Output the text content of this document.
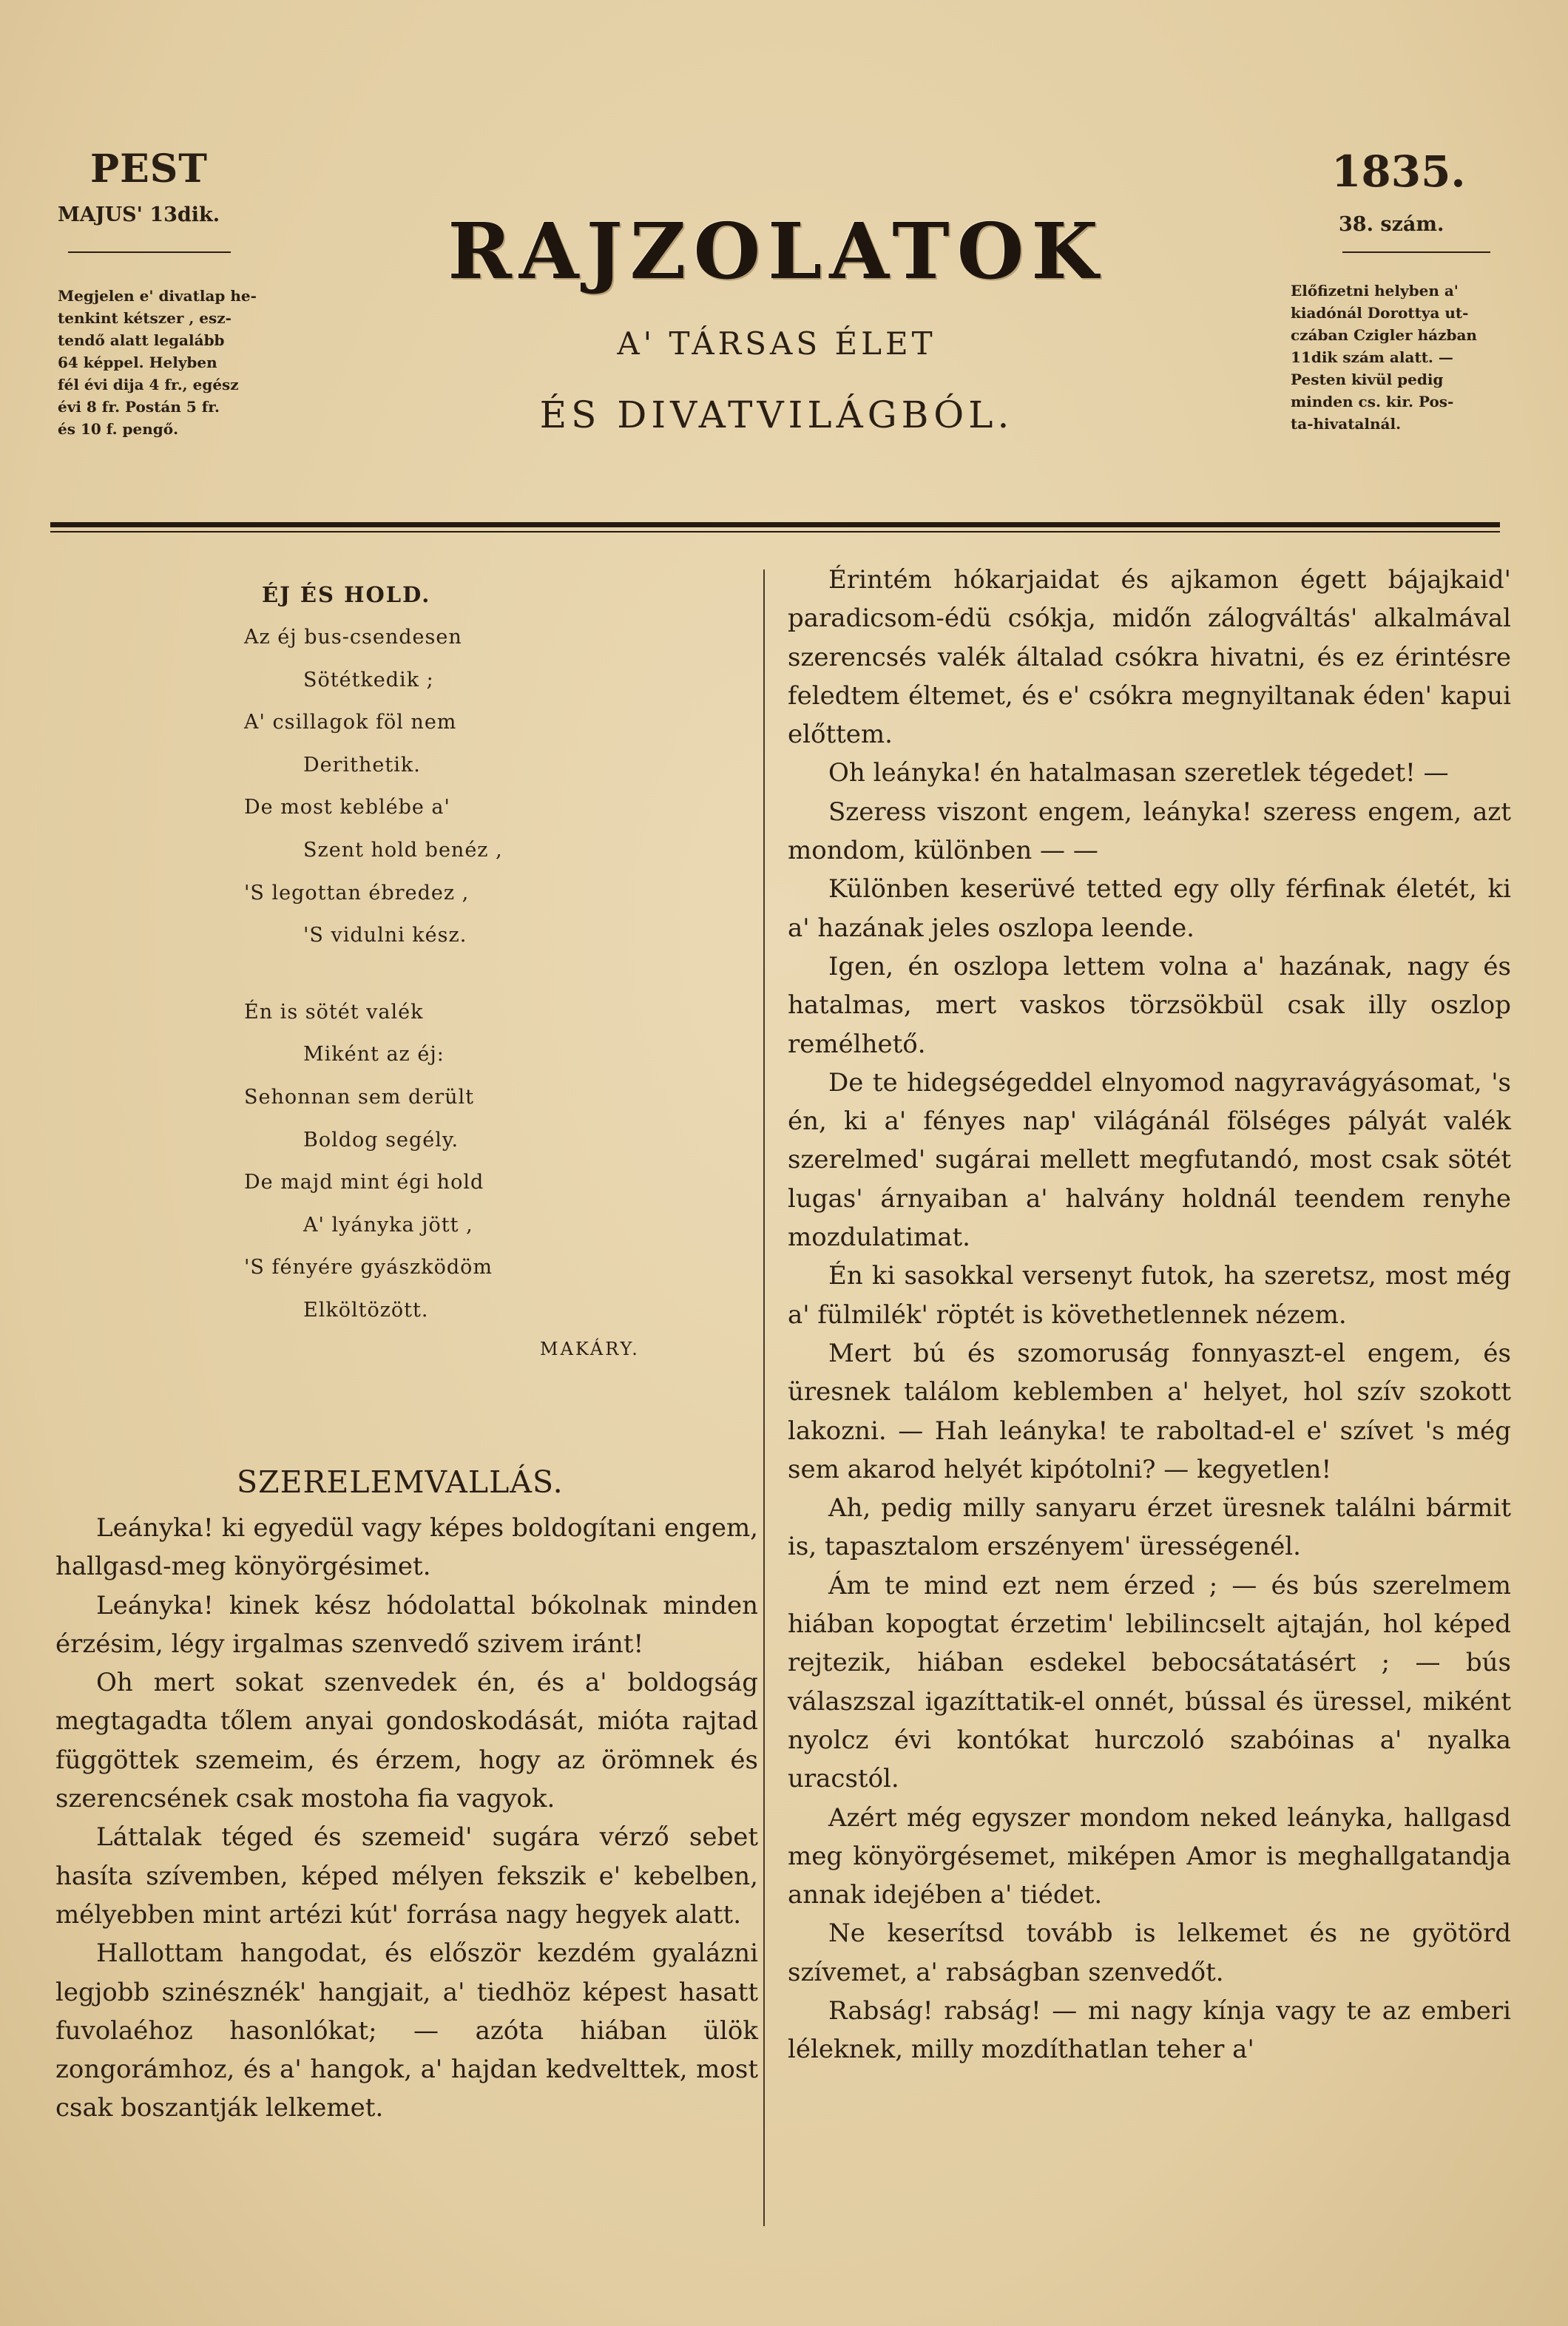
PEST
MAJUS' 13dik.
Megjelen e' divatlap he-
tenkint kétszer , esz-
tendő alatt legalább
64 képpel. Helyben
fél évi dija 4 fr., egész
évi 8 fr. Postán 5 fr.
és 10 f. pengő.
RAJZOLATOK
A' TÁRSAS ÉLET
ÉS DIVATVILÁGBÓL.
1835.
38. szám.
Előfizetni helyben a'
kiadónál Dorottya ut-
czában Czigler házban
11dik szám alatt. —
Pesten kivül pedig
minden cs. kir. Pos-
ta-hivatalnál.
ÉJ ÉS HOLD.
Az éj bus-csendesen
Sötétkedik ;
A' csillagok föl nem
Derithetik.
De most keblébe a'
Szent hold benéz ,
'S legottan ébredez ,
'S vidulni kész.
Én is sötét valék
Miként az éj:
Sehonnan sem derült
Boldog segély.
De majd mint égi hold
A' lyányka jött ,
'S fényére gyászködöm
Elköltözött.
MAKÁRY.
SZERELEMVALLÁS.

Leányka! ki egyedül vagy képes boldogítani engem, hallgasd-meg könyörgésimet.

Leányka! kinek kész hódolattal bókolnak minden érzésim, légy irgalmas szenvedő szivem iránt!

Oh mert sokat szenvedek én, és a' boldogság megtagadta tőlem anyai gondoskodását, mióta rajtad függöttek szemeim, és érzem, hogy az örömnek és szerencsének csak mostoha fia vagyok.

Láttalak téged és szemeid' sugára vérző sebet hasíta szívemben, képed mélyen fekszik e' kebelben, mélyebben mint artézi kút' forrása nagy hegyek alatt.

Hallottam hangodat, és először kezdém gyalázni legjobb szinésznék' hangjait, a' tiedhöz képest hasatt fuvolaéhoz hasonlókat; — azóta hiában ülök zongorámhoz, és a' hangok, a' hajdan kedvelttek, most csak boszantják lelkemet.

Érintém hókarjaidat és ajkamon égett bájajkaid' paradicsom-édü csókja, midőn zálogváltás' alkalmával szerencsés valék általad csókra hivatni, és ez érintésre feledtem éltemet, és e' csókra megnyiltanak éden' kapui előttem.

Oh leányka! én hatalmasan szeretlek tégedet! —

Szeress viszont engem, leányka! szeress engem, azt mondom, különben — —

Különben keserüvé tetted egy olly férfinak életét, ki a' hazának jeles oszlopa leende.

Igen, én oszlopa lettem volna a' hazának, nagy és hatalmas, mert vaskos törzsökbül csak illy oszlop remélhető.

De te hidegségeddel elnyomod nagyravágyásomat, 's én, ki a' fényes nap' világánál fölséges pályát valék szerelmed' sugárai mellett megfutandó, most csak sötét lugas' árnyaiban a' halvány holdnál teendem renyhe mozdulatimat.

Én ki sasokkal versenyt futok, ha szeretsz, most még a' fülmilék' röptét is követhetlennek nézem.

Mert bú és szomoruság fonnyaszt-el engem, és üresnek találom keblemben a' helyet, hol szív szokott lakozni. — Hah leányka! te raboltad-el e' szívet 's még sem akarod helyét kipótolni? — kegyetlen!

Ah, pedig milly sanyaru érzet üresnek találni bármit is, tapasztalom erszényem' ürességenél.

Ám te mind ezt nem érzed ; — és bús szerelmem hiában kopogtat érzetim' lebilincselt ajtaján, hol képed rejtezik, hiában esdekel bebocsátatásért ; — bús válaszszal igazíttatik-el onnét, bússal és üressel, miként nyolcz évi kontókat hurczoló szabóinas a' nyalka uracstól.

Azért még egyszer mondom neked leányka, hallgasd meg könyörgésemet, miképen Amor is meghallgatandja annak idejében a' tiédet.

Ne keserítsd tovább is lelkemet és ne gyötörd szívemet, a' rabságban szenvedőt.

Rabság! rabság! — mi nagy kínja vagy te az emberi léleknek, milly mozdíthatlan teher a'
